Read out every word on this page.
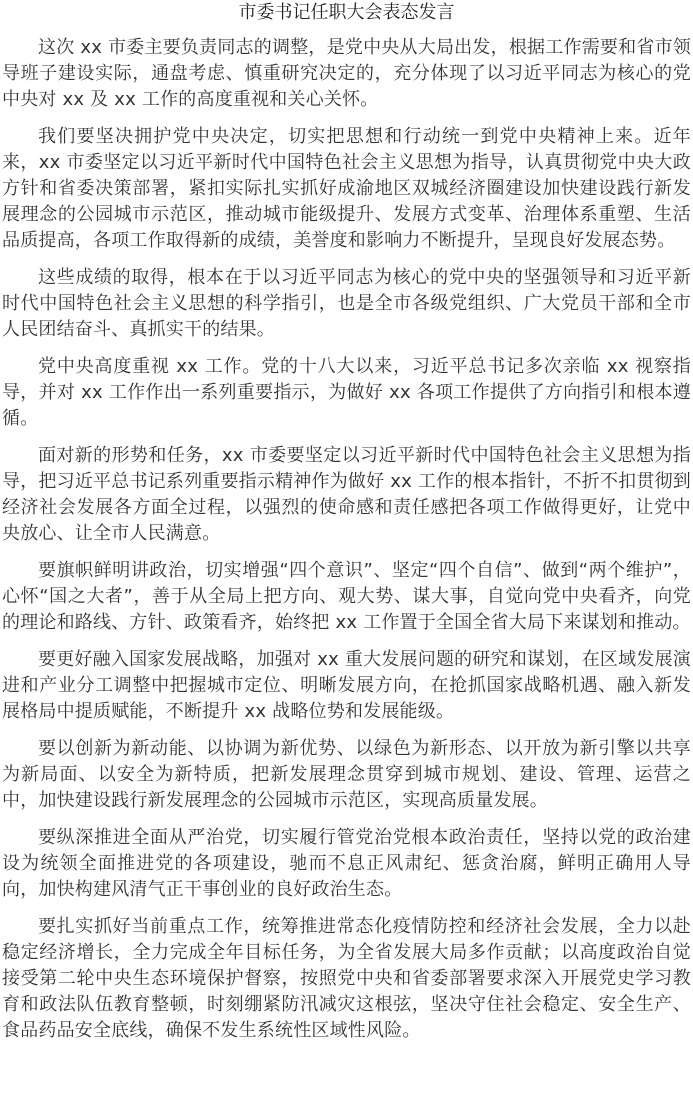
市委书记任职大会表态发言

这次 xx 市委主要负责同志的调整，是党中央从大局出发，根据工作需要和省市领导班子建设实际，通盘考虑、慎重研究决定的，充分体现了以习近平同志为核心的党中央对 xx 及 xx 工作的高度重视和关心关怀。

我们要坚决拥护党中央决定，切实把思想和行动统一到党中央精神上来。近年来，xx 市委坚定以习近平新时代中国特色社会主义思想为指导，认真贯彻党中央大政方针和省委决策部署，紧扣实际扎实抓好成渝地区双城经济圈建设加快建设践行新发展理念的公园城市示范区，推动城市能级提升、发展方式变革、治理体系重塑、生活品质提高，各项工作取得新的成绩，美誉度和影响力不断提升，呈现良好发展态势。

这些成绩的取得，根本在于以习近平同志为核心的党中央的坚强领导和习近平新时代中国特色社会主义思想的科学指引，也是全市各级党组织、广大党员干部和全市人民团结奋斗、真抓实干的结果。

党中央高度重视 xx 工作。党的十八大以来，习近平总书记多次亲临 xx 视察指导，并对 xx 工作作出一系列重要指示，为做好 xx 各项工作提供了方向指引和根本遵循。

面对新的形势和任务，xx 市委要坚定以习近平新时代中国特色社会主义思想为指导，把习近平总书记系列重要指示精神作为做好 xx 工作的根本指针，不折不扣贯彻到经济社会发展各方面全过程，以强烈的使命感和责任感把各项工作做得更好，让党中央放心、让全市人民满意。

要旗帜鲜明讲政治，切实增强“四个意识”、坚定“四个自信”、做到“两个维护”，心怀“国之大者”，善于从全局上把方向、观大势、谋大事，自觉向党中央看齐，向党的理论和路线、方针、政策看齐，始终把 xx 工作置于全国全省大局下来谋划和推动。

要更好融入国家发展战略，加强对 xx 重大发展问题的研究和谋划，在区域发展演进和产业分工调整中把握城市定位、明晰发展方向，在抢抓国家战略机遇、融入新发展格局中提质赋能，不断提升 xx 战略位势和发展能级。

要以创新为新动能、以协调为新优势、以绿色为新形态、以开放为新引擎以共享为新局面、以安全为新特质，把新发展理念贯穿到城市规划、建设、管理、运营之中，加快建设践行新发展理念的公园城市示范区，实现高质量发展。

要纵深推进全面从严治党，切实履行管党治党根本政治责任，坚持以党的政治建设为统领全面推进党的各项建设，驰而不息正风肃纪、惩贪治腐，鲜明正确用人导向，加快构建风清气正干事创业的良好政治生态。

要扎实抓好当前重点工作，统筹推进常态化疫情防控和经济社会发展，全力以赴稳定经济增长，全力完成全年目标任务，为全省发展大局多作贡献；以高度政治自觉接受第二轮中央生态环境保护督察，按照党中央和省委部署要求深入开展党史学习教育和政法队伍教育整顿，时刻绷紧防汛减灾这根弦，坚决守住社会稳定、安全生产、食品药品安全底线，确保不发生系统性区域性风险。
